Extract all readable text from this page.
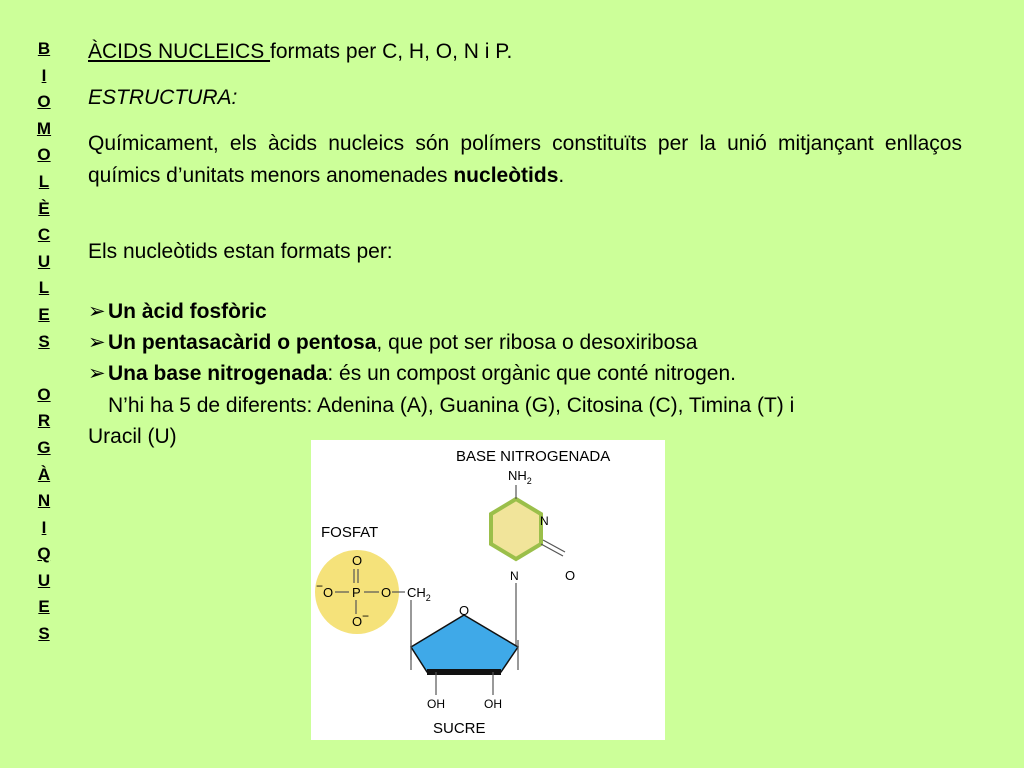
B
I
O
M
O
L
È
C
U
L
E
S
O
R
G
À
N
I
Q
U
E
S
ÀCIDS NUCLEICS formats per C, H, O, N i P.
ESTRUCTURA:
Químicament, els àcids nucleics són polímers constituïts per la unió mitjançant enllaços químics d’unitats menors anomenades nucleòtids.
Els nucleòtids estan formats per:
➢ Un àcid fosfòric
➢ Un pentasacàrid o pentosa, que pot ser ribosa o desoxiribosa
➢ Una base nitrogenada: és un compost orgànic que conté nitrogen.
N’hi ha 5 de diferents: Adenina (A), Guanina (G), Citosina (C), Timina (T) i
Uracil (U)
BASE NITROGENADA
FOSFAT
SUCRE
P
O
O
−
O −
O $CH_2$
$NH_2$
N
N	O
O
OH	OH
